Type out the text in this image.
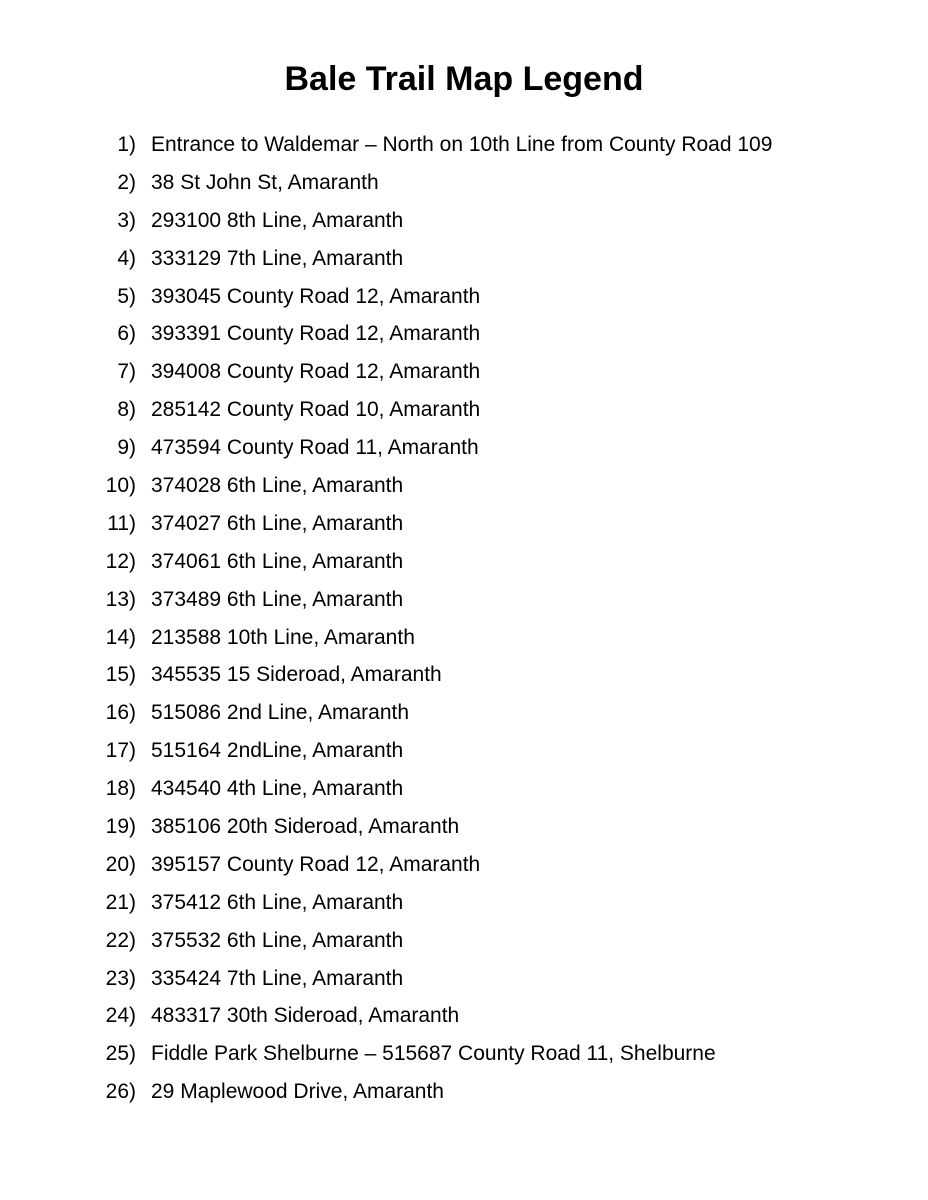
Bale Trail Map Legend
1) Entrance to Waldemar – North on 10th Line from County Road 109
2) 38 St John St, Amaranth
3) 293100 8th Line, Amaranth
4) 333129 7th Line, Amaranth
5) 393045 County Road 12, Amaranth
6) 393391 County Road 12, Amaranth
7) 394008 County Road 12, Amaranth
8) 285142 County Road 10, Amaranth
9) 473594 County Road 11, Amaranth
10) 374028 6th Line, Amaranth
11) 374027 6th Line, Amaranth
12) 374061 6th Line, Amaranth
13) 373489 6th Line, Amaranth
14) 213588 10th Line, Amaranth
15) 345535 15 Sideroad, Amaranth
16) 515086 2nd Line, Amaranth
17) 515164 2ndLine, Amaranth
18) 434540 4th Line, Amaranth
19) 385106 20th Sideroad, Amaranth
20) 395157 County Road 12, Amaranth
21) 375412 6th Line, Amaranth
22) 375532 6th Line, Amaranth
23) 335424 7th Line, Amaranth
24) 483317 30th Sideroad, Amaranth
25) Fiddle Park Shelburne – 515687 County Road 11, Shelburne
26) 29 Maplewood Drive, Amaranth
